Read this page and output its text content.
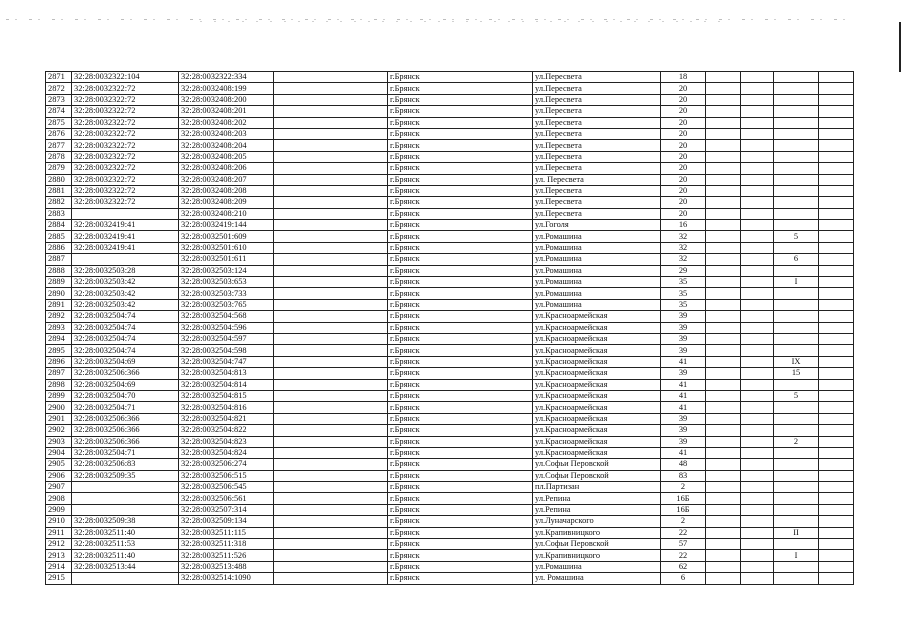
2871	32:28:0032322:104	32:28:0032322:334		г.Брянск	ул.Пересвета	18				
2872	32:28:0032322:72	32:28:0032408:199		г.Брянск	ул.Пересвета	20				
2873	32:28:0032322:72	32:28:0032408:200		г.Брянск	ул.Пересвета	20				
2874	32:28:0032322:72	32:28:0032408:201		г.Брянск	ул.Пересвета	20				
2875	32:28:0032322:72	32:28:0032408:202		г.Брянск	ул.Пересвета	20				
2876	32:28:0032322:72	32:28:0032408:203		г.Брянск	ул.Пересвета	20				
2877	32:28:0032322:72	32:28:0032408:204		г.Брянск	ул.Пересвета	20				
2878	32:28:0032322:72	32:28:0032408:205		г.Брянск	ул.Пересвета	20				
2879	32:28:0032322:72	32:28:0032408:206		г.Брянск	ул.Пересвета	20				
2880	32:28:0032322:72	32:28:0032408:207		г.Брянск	ул. Пересвета	20				
2881	32:28:0032322:72	32:28:0032408:208		г.Брянск	ул.Пересвета	20				
2882	32:28:0032322:72	32:28:0032408:209		г.Брянск	ул.Пересвета	20				
2883		32:28:0032408:210		г.Брянск	ул.Пересвета	20				
2884	32:28:0032419:41	32:28:0032419:144		г.Брянск	ул.Гоголя	16				
2885	32:28:0032419:41	32:28:0032501:609		г.Брянск	ул.Ромашина	32			5	
2886	32:28:0032419:41	32:28:0032501:610		г.Брянск	ул.Ромашина	32				
2887		32:28:0032501:611		г.Брянск	ул.Ромашина	32			6	
2888	32:28:0032503:28	32:28:0032503:124		г.Брянск	ул.Ромашина	29				
2889	32:28:0032503:42	32:28:0032503:653		г.Брянск	ул.Ромашина	35			I	
2890	32:28:0032503:42	32:28:0032503:733		г.Брянск	ул.Ромашина	35				
2891	32:28:0032503:42	32:28:0032503:765		г.Брянск	ул.Ромашина	35				
2892	32:28:0032504:74	32:28:0032504:568		г.Брянск	ул.Красноармейская	39				
2893	32:28:0032504:74	32:28:0032504:596		г.Брянск	ул.Красноармейская	39				
2894	32:28:0032504:74	32:28:0032504:597		г.Брянск	ул.Красноармейская	39				
2895	32:28:0032504:74	32:28:0032504:598		г.Брянск	ул.Красноармейская	39				
2896	32:28:0032504:69	32:28:0032504:747		г.Брянск	ул.Красноармейская	41			IX	
2897	32:28:0032506:366	32:28:0032504:813		г.Брянск	ул.Красноармейская	39			15	
2898	32:28:0032504:69	32:28:0032504:814		г.Брянск	ул.Красноармейская	41				
2899	32:28:0032504:70	32:28:0032504:815		г.Брянск	ул.Красноармейская	41			5	
2900	32:28:0032504:71	32:28:0032504:816		г.Брянск	ул.Красноармейская	41				
2901	32:28:0032506:366	32:28:0032504:821		г.Брянск	ул.Красноармейская	39				
2902	32:28:0032506:366	32:28:0032504:822		г.Брянск	ул.Красноармейская	39				
2903	32:28:0032506:366	32:28:0032504:823		г.Брянск	ул.Красноармейская	39			2	
2904	32:28:0032504:71	32:28:0032504:824		г.Брянск	ул.Красноармейская	41				
2905	32:28:0032506:83	32:28:0032506:274		г.Брянск	ул.Софьи Перовской	48				
2906	32:28:0032509:35	32:28:0032506:515		г.Брянск	ул.Софьи Перовской	83				
2907		32:28:0032506:545		г.Брянск	пл.Партизан	2				
2908		32:28:0032506:561		г.Брянск	ул.Репина	16Б				
2909		32:28:0032507:314		г.Брянск	ул.Репина	16Б				
2910	32:28:0032509:38	32:28:0032509:134		г.Брянск	ул.Луначарского	2				
2911	32:28:0032511:40	32:28:0032511:115		г.Брянск	ул.Крапивницкого	22			II	
2912	32:28:0032511:53	32:28:0032511:318		г.Брянск	ул.Софьи Перовской	57				
2913	32:28:0032511:40	32:28:0032511:526		г.Брянск	ул.Крапивницкого	22			I	
2914	32:28:0032513:44	32:28:0032513:488		г.Брянск	ул.Ромашина	62				
2915		32:28:0032514:1090		г.Брянск	ул. Ромашина	6				
